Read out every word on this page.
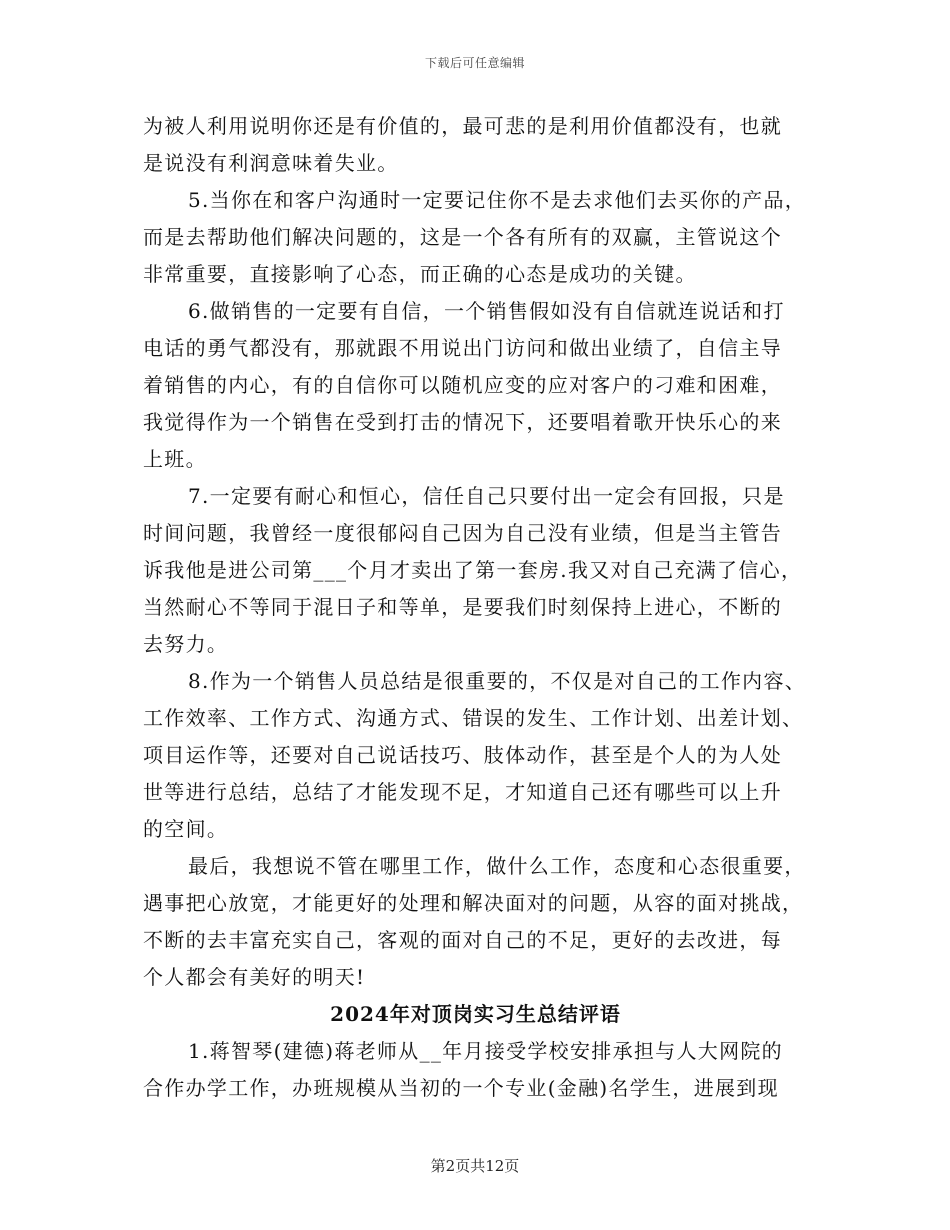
下载后可任意编辑
为被人利用说明你还是有价值的，最可悲的是利用价值都没有，也就
是说没有利润意味着失业。
5.当你在和客户沟通时一定要记住你不是去求他们去买你的产品，
而是去帮助他们解决问题的，这是一个各有所有的双赢，主管说这个
非常重要，直接影响了心态，而正确的心态是成功的关键。
6.做销售的一定要有自信，一个销售假如没有自信就连说话和打
电话的勇气都没有，那就跟不用说出门访问和做出业绩了，自信主导
着销售的内心，有的自信你可以随机应变的应对客户的刁难和困难，
我觉得作为一个销售在受到打击的情况下，还要唱着歌开快乐心的来
上班。
7.一定要有耐心和恒心，信任自己只要付出一定会有回报，只是
时间问题，我曾经一度很郁闷自己因为自己没有业绩，但是当主管告
诉我他是进公司第___个月才卖出了第一套房.我又对自己充满了信心，
当然耐心不等同于混日子和等单，是要我们时刻保持上进心，不断的
去努力。
8.作为一个销售人员总结是很重要的，不仅是对自己的工作内容、
工作效率、工作方式、沟通方式、错误的发生、工作计划、出差计划、
项目运作等，还要对自己说话技巧、肢体动作，甚至是个人的为人处
世等进行总结，总结了才能发现不足，才知道自己还有哪些可以上升
的空间。
最后，我想说不管在哪里工作，做什么工作，态度和心态很重要，
遇事把心放宽，才能更好的处理和解决面对的问题，从容的面对挑战，
不断的去丰富充实自己，客观的面对自己的不足，更好的去改进，每
个人都会有美好的明天!
2024年对顶岗实习生总结评语
1.蒋智琴(建德)蒋老师从__年月接受学校安排承担与人大网院的
合作办学工作，办班规模从当初的一个专业(金融)名学生，进展到现
第2页共12页
